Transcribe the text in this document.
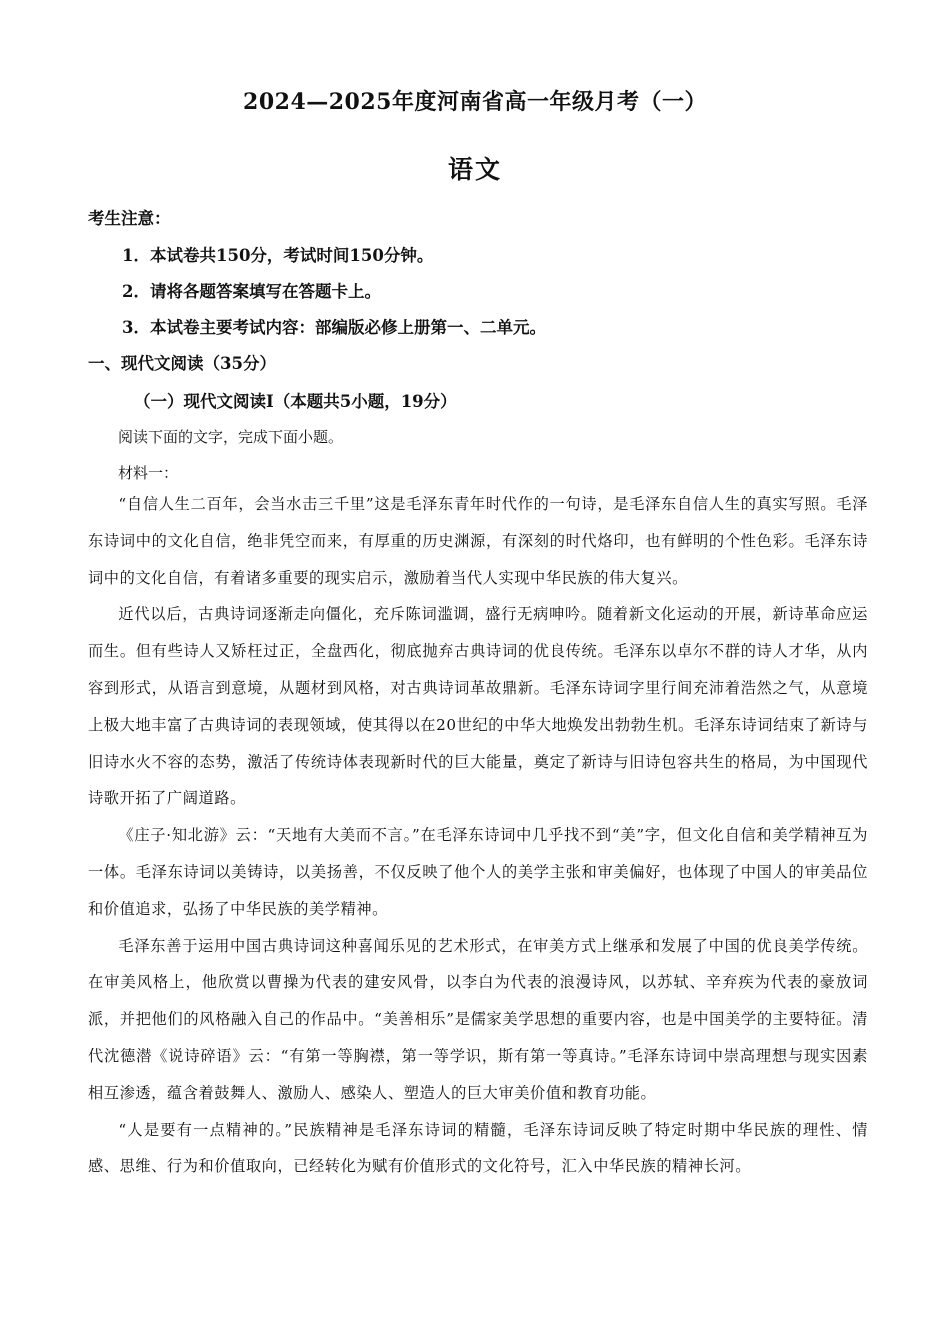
2024—2025年度河南省高一年级月考（一）
语文
考生注意：
1．本试卷共150分，考试时间150分钟。
2．请将各题答案填写在答题卡上。
3．本试卷主要考试内容：部编版必修上册第一、二单元。
一、现代文阅读（35分）
（一）现代文阅读Ⅰ（本题共5小题，19分）
阅读下面的文字，完成下面小题。
材料一：

“自信人生二百年，会当水击三千里”这是毛泽东青年时代作的一句诗，是毛泽东自信人生的真实写照。毛泽东诗词中的文化自信，绝非凭空而来，有厚重的历史渊源，有深刻的时代烙印，也有鲜明的个性色彩。毛泽东诗词中的文化自信，有着诸多重要的现实启示，激励着当代人实现中华民族的伟大复兴。

近代以后，古典诗词逐渐走向僵化，充斥陈词滥调，盛行无病呻吟。随着新文化运动的开展，新诗革命应运而生。但有些诗人又矫枉过正，全盘西化，彻底抛弃古典诗词的优良传统。毛泽东以卓尔不群的诗人才华，从内容到形式，从语言到意境，从题材到风格，对古典诗词革故鼎新。毛泽东诗词字里行间充沛着浩然之气，从意境上极大地丰富了古典诗词的表现领域，使其得以在20世纪的中华大地焕发出勃勃生机。毛泽东诗词结束了新诗与旧诗水火不容的态势，激活了传统诗体表现新时代的巨大能量，奠定了新诗与旧诗包容共生的格局，为中国现代诗歌开拓了广阔道路。

《庄子·知北游》云：“天地有大美而不言。”在毛泽东诗词中几乎找不到“美”字，但文化自信和美学精神互为一体。毛泽东诗词以美铸诗，以美扬善，不仅反映了他个人的美学主张和审美偏好，也体现了中国人的审美品位和价值追求，弘扬了中华民族的美学精神。

毛泽东善于运用中国古典诗词这种喜闻乐见的艺术形式，在审美方式上继承和发展了中国的优良美学传统。在审美风格上，他欣赏以曹操为代表的建安风骨，以李白为代表的浪漫诗风，以苏轼、辛弃疾为代表的豪放词派，并把他们的风格融入自己的作品中。“美善相乐”是儒家美学思想的重要内容，也是中国美学的主要特征。清代沈德潜《说诗碎语》云：“有第一等胸襟，第一等学识，斯有第一等真诗。”毛泽东诗词中崇高理想与现实因素相互渗透，蕴含着鼓舞人、激励人、感染人、塑造人的巨大审美价值和教育功能。

“人是要有一点精神的。”民族精神是毛泽东诗词的精髓，毛泽东诗词反映了特定时期中华民族的理性、情感、思维、行为和价值取向，已经转化为赋有价值形式的文化符号，汇入中华民族的精神长河。
